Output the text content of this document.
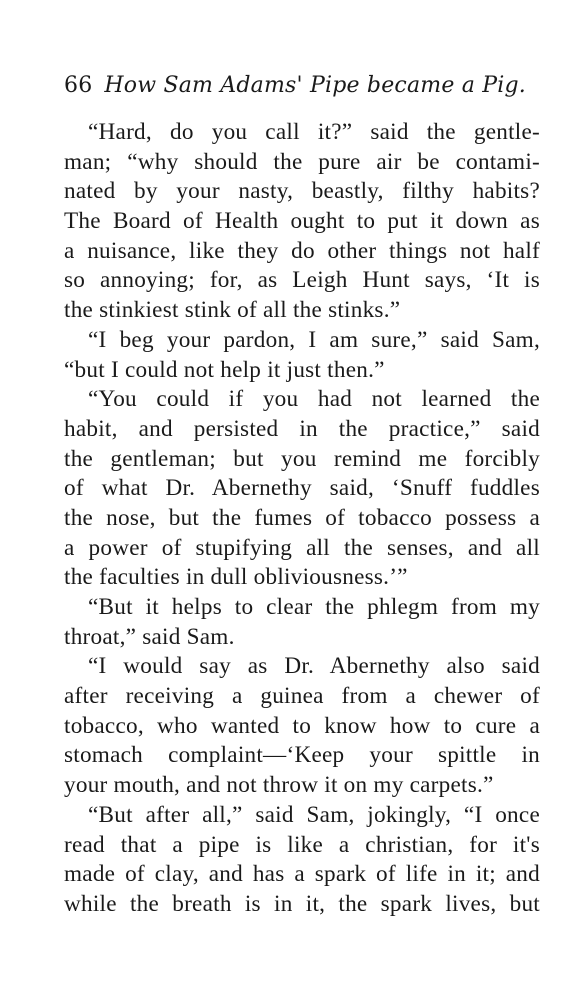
66 How Sam Adams' Pipe became a Pig.
“Hard, do you call it?” said the gentle-
man; “why should the pure air be contami-
nated by your nasty, beastly, filthy habits?
The Board of Health ought to put it down as
a nuisance, like they do other things not half
so annoying; for, as Leigh Hunt says, ‘It is
the stinkiest stink of all the stinks.”
“I beg your pardon, I am sure,” said Sam,
“but I could not help it just then.”
“You could if you had not learned the
habit, and persisted in the practice,” said
the gentleman; but you remind me forcibly
of what Dr. Abernethy said, ‘Snuff fuddles
the nose, but the fumes of tobacco possess a
a power of stupifying all the senses, and all
the faculties in dull obliviousness.’”
“But it helps to clear the phlegm from my
throat,” said Sam.
“I would say as Dr. Abernethy also said
after receiving a guinea from a chewer of
tobacco, who wanted to know how to cure a
stomach complaint—‘Keep your spittle in
your mouth, and not throw it on my carpets.”
“But after all,” said Sam, jokingly, “I once
read that a pipe is like a christian, for it's
made of clay, and has a spark of life in it; and
while the breath is in it, the spark lives, but
